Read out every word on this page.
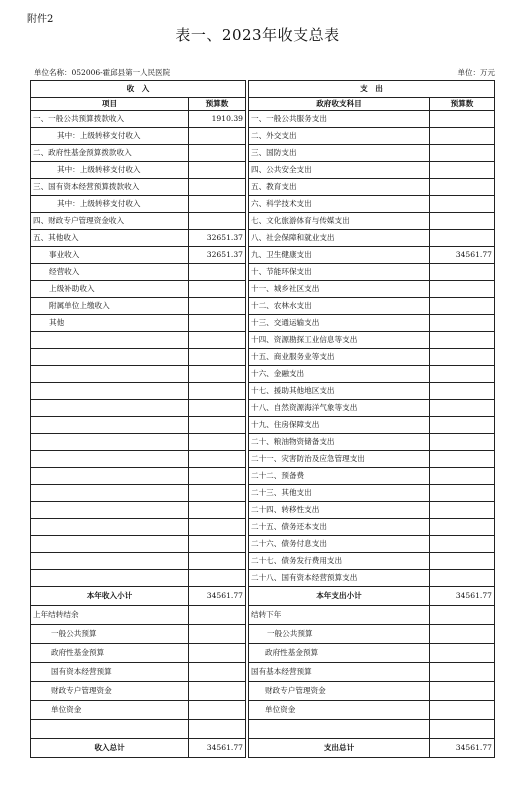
附件2
表一、2023年收支总表
单位名称：052006-霍邱县第一人民医院	单位：万元
收　入			支　出	
项目	预算数		政府收支科目	预算数
一、一般公共预算拨款收入	1910.39		一、一般公共服务支出	
其中：上级转移支付收入			二、外交支出	
二、政府性基金预算拨款收入			三、国防支出	
其中：上级转移支付收入			四、公共安全支出	
三、国有资本经营预算拨款收入			五、教育支出	
其中：上级转移支付收入			六、科学技术支出	
四、财政专户管理资金收入			七、文化旅游体育与传媒支出	
五、其他收入	32651.37		八、社会保障和就业支出	
事业收入	32651.37		九、卫生健康支出	34561.77
经营收入			十、节能环保支出	
上级补助收入			十一、城乡社区支出	
附属单位上缴收入			十二、农林水支出	
其他			十三、交通运输支出	
			十四、资源勘探工业信息等支出	
			十五、商业服务业等支出	
			十六、金融支出	
			十七、援助其他地区支出	
			十八、自然资源海洋气象等支出	
			十九、住房保障支出	
			二十、粮油物资储备支出	
			二十一、灾害防治及应急管理支出	
			二十二、预备费	
			二十三、其他支出	
			二十四、转移性支出	
			二十五、债务还本支出	
			二十六、债务付息支出	
			二十七、债务发行费用支出	
			二十八、国有资本经营预算支出	
本年收入小计	34561.77		本年支出小计	34561.77
上年结转结余			结转下年	
一般公共预算			一般公共预算	
政府性基金预算			政府性基金预算	
国有资本经营预算			国有基本经营预算	
财政专户管理资金			财政专户管理资金	
单位资金			单位资金	

收入总计	34561.77		支出总计	34561.77
